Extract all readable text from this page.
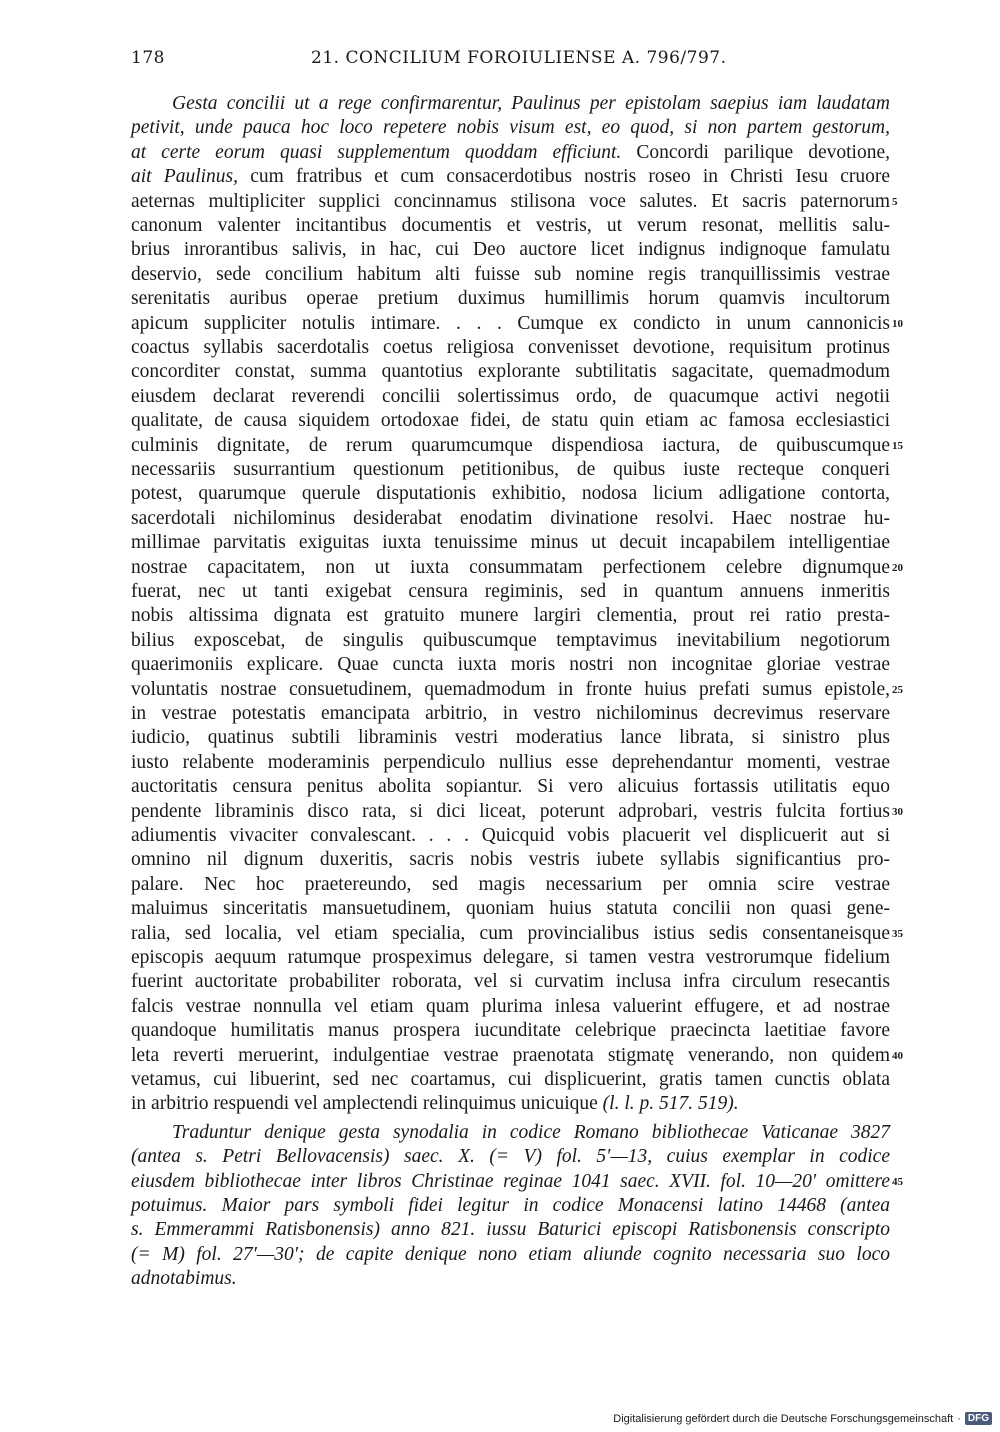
178	21. CONCILIUM FOROIULIENSE A. 796/797.
Gesta concilii ut a rege confirmarentur, Paulinus per epistolam saepius iam laudatam
petivit, unde pauca hoc loco repetere nobis visum est, eo quod, si non partem gestorum,
at certe eorum quasi supplementum quoddam efficiunt. Concordi parilique devotione,
ait Paulinus, cum fratribus et cum consacerdotibus nostris roseo in Christi Iesu cruore
aeternas multipliciter supplici concinnamus stilisona voce salutes. Et sacris paternorum 5
canonum valenter incitantibus documentis et vestris, ut verum resonat, mellitis salu-
brius inrorantibus salivis, in hac, cui Deo auctore licet indignus indignoque famulatu
deservio, sede concilium habitum alti fuisse sub nomine regis tranquillissimis vestrae
serenitatis auribus operae pretium duximus humillimis horum quamvis incultorum
apicum suppliciter notulis intimare. . . . Cumque ex condicto in unum cannonicis 10
coactus syllabis sacerdotalis coetus religiosa convenisset devotione, requisitum protinus
concorditer constat, summa quantotius explorante subtilitatis sagacitate, quemadmodum
eiusdem declarat reverendi concilii solertissimus ordo, de quacumque activi negotii
qualitate, de causa siquidem ortodoxae fidei, de statu quin etiam ac famosa ecclesiastici
culminis dignitate, de rerum quarumcumque dispendiosa iactura, de quibuscumque 15
necessariis susurrantium questionum petitionibus, de quibus iuste recteque conqueri
potest, quarumque querule disputationis exhibitio, nodosa licium adligatione contorta,
sacerdotali nichilominus desiderabat enodatim divinatione resolvi. Haec nostrae hu-
millimae parvitatis exiguitas iuxta tenuissime minus ut decuit incapabilem intelligentiae
nostrae capacitatem, non ut iuxta consummatam perfectionem celebre dignumque 20
fuerat, nec ut tanti exigebat censura regiminis, sed in quantum annuens inmeritis
nobis altissima dignata est gratuito munere largiri clementia, prout rei ratio presta-
bilius exposcebat, de singulis quibuscumque temptavimus inevitabilium negotiorum
quaerimoniis explicare. Quae cuncta iuxta moris nostri non incognitae gloriae vestrae
voluntatis nostrae consuetudinem, quemadmodum in fronte huius prefati sumus epistole, 25
in vestrae potestatis emancipata arbitrio, in vestro nichilominus decrevimus reservare
iudicio, quatinus subtili libraminis vestri moderatius lance librata, si sinistro plus
iusto relabente moderaminis perpendiculo nullius esse deprehendantur momenti, vestrae
auctoritatis censura penitus abolita sopiantur. Si vero alicuius fortassis utilitatis equo
pendente libraminis disco rata, si dici liceat, poterunt adprobari, vestris fulcita fortius 30
adiumentis vivaciter convalescant. . . . Quicquid vobis placuerit vel displicuerit aut si
omnino nil dignum duxeritis, sacris nobis vestris iubete syllabis significantius pro-
palare. Nec hoc praetereundo, sed magis necessarium per omnia scire vestrae
maluimus sinceritatis mansuetudinem, quoniam huius statuta concilii non quasi gene-
ralia, sed localia, vel etiam specialia, cum provincialibus istius sedis consentaneisque 35
episcopis aequum ratumque prospeximus delegare, si tamen vestra vestrorumque fidelium
fuerint auctoritate probabiliter roborata, vel si curvatim inclusa infra circulum resecantis
falcis vestrae nonnulla vel etiam quam plurima inlesa valuerint effugere, et ad nostrae
quandoque humilitatis manus prospera iucunditate celebrique praecincta laetitiae favore
leta reverti meruerint, indulgentiae vestrae praenotata stigmatę venerando, non quidem 40
vetamus, cui libuerint, sed nec coartamus, cui displicuerint, gratis tamen cunctis oblata
in arbitrio respuendi vel amplectendi relinquimus unicuique (l. l. p. 517. 519).
Traduntur denique gesta synodalia in codice Romano bibliothecae Vaticanae 3827
(antea s. Petri Bellovacensis) saec. X. (= V) fol. 5′—13, cuius exemplar in codice
eiusdem bibliothecae inter libros Christinae reginae 1041 saec. XVII. fol. 10—20′ omittere 45
potuimus. Maior pars symboli fidei legitur in codice Monacensi latino 14468 (antea
s. Emmerammi Ratisbonensis) anno 821. iussu Baturici episcopi Ratisbonensis conscripto
(= M) fol. 27′—30′; de capite denique nono etiam aliunde cognito necessaria suo loco
adnotabimus.
Digitalisierung gefördert durch die Deutsche Forschungsgemeinschaft · DFG
